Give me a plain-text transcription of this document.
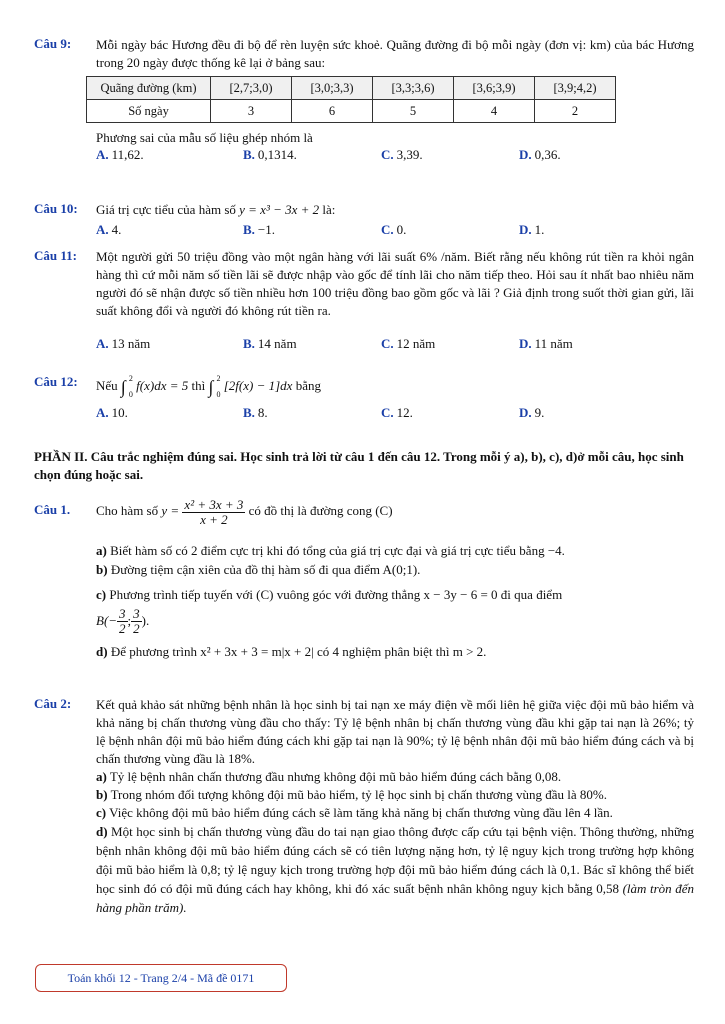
Câu 9: Mỗi ngày bác Hương đều đi bộ để rèn luyện sức khoẻ. Quãng đường đi bộ mỗi ngày (đơn vị: km) của bác Hương trong 20 ngày được thống kê lại ở bảng sau:
Quãng đường (km)	[2,7;3,0)	[3,0;3,3)	[3,3;3,6)	[3,6;3,9)	[3,9;4,2)
Số ngày	3	6	5	4	2
Phương sai của mẫu số liệu ghép nhóm là
A. 11,62.	B. 0,1314.	C. 3,39.	D. 0,36.
Câu 10: Giá trị cực tiểu của hàm số y = x³ − 3x + 2 là:
A. 4.	B. −1.	C. 0.	D. 1.
Câu 11: Một người gửi 50 triệu đồng vào một ngân hàng với lãi suất 6% /năm. Biết rằng nếu không rút tiền ra khỏi ngân hàng thì cứ mỗi năm số tiền lãi sẽ được nhập vào gốc để tính lãi cho năm tiếp theo. Hỏi sau ít nhất bao nhiêu năm người đó sẽ nhận được số tiền nhiều hơn 100 triệu đồng bao gồm gốc và lãi ? Giả định trong suốt thời gian gửi, lãi suất không đổi và người đó không rút tiền ra.
A. 13 năm	B. 14 năm	C. 12 năm	D. 11 năm
Câu 12: Nếu ∫ 2
0
f(x)dx = 5 thì ∫ 2
0
[2f(x) − 1]dx bằng
A. 10.	B. 8.	C. 12.	D. 9.
PHẦN II. Câu trắc nghiệm đúng sai. Học sinh trả lời từ câu 1 đến câu 12. Trong mỗi ý a), b), c), d)ở mỗi câu, học sinh chọn đúng hoặc sai.
Câu 1. Cho hàm số $y = \frac{\text{x² + 3x + 3}}{x + 2}$ có đồ thị là đường cong (C)
a) Biết hàm số có 2 điểm cực trị khi đó tổng của giá trị cực đại và giá trị cực tiểu bằng −4.
b) Đường tiệm cận xiên của đồ thị hàm số đi qua điểm A(0;1).
c) Phương trình tiếp tuyến với (C) vuông góc với đường thẳng x − 3y − 6 = 0 đi qua điểm
$B(- \frac{3}{2}$ ; $\frac{3}{2}$ ).
d) Để phương trình x² + 3x + 3 = m|x + 2| có 4 nghiệm phân biệt thì m > 2.
Câu 2: Kết quả khảo sát những bệnh nhân là học sinh bị tai nạn xe máy điện về mối liên hệ giữa việc đội mũ bảo hiểm và khả năng bị chấn thương vùng đầu cho thấy: Tỷ lệ bệnh nhân bị chấn thương vùng đầu khi gặp tai nạn là 26%; tỷ lệ bệnh nhân đội mũ bảo hiểm đúng cách khi gặp tai nạn là 90%; tỷ lệ bệnh nhân đội mũ bảo hiểm đúng cách và bị chấn thương vùng đầu là 18%.
a) Tỷ lệ bệnh nhân chấn thương đầu nhưng không đội mũ bảo hiểm đúng cách bằng 0,08.
b) Trong nhóm đối tượng không đội mũ bảo hiểm, tỷ lệ học sinh bị chấn thương vùng đầu là 80%.
c) Việc không đội mũ bảo hiểm đúng cách sẽ làm tăng khả năng bị chấn thương vùng đầu lên 4 lần.
d) Một học sinh bị chấn thương vùng đầu do tai nạn giao thông được cấp cứu tại bệnh viện. Thông thường, những bệnh nhân không đội mũ bảo hiểm đúng cách sẽ có tiên lượng nặng hơn, tỷ lệ nguy kịch trong trường hợp không đội mũ bảo hiểm là 0,8; tỷ lệ nguy kịch trong trường hợp đội mũ bảo hiểm đúng cách là 0,1. Bác sĩ không thể biết học sinh đó có đội mũ đúng cách hay không, khi đó xác suất bệnh nhân không nguy kịch bằng 0,58 (làm tròn đến hàng phần trăm).
Toán khối 12 - Trang 2/4 - Mã đề 0171
